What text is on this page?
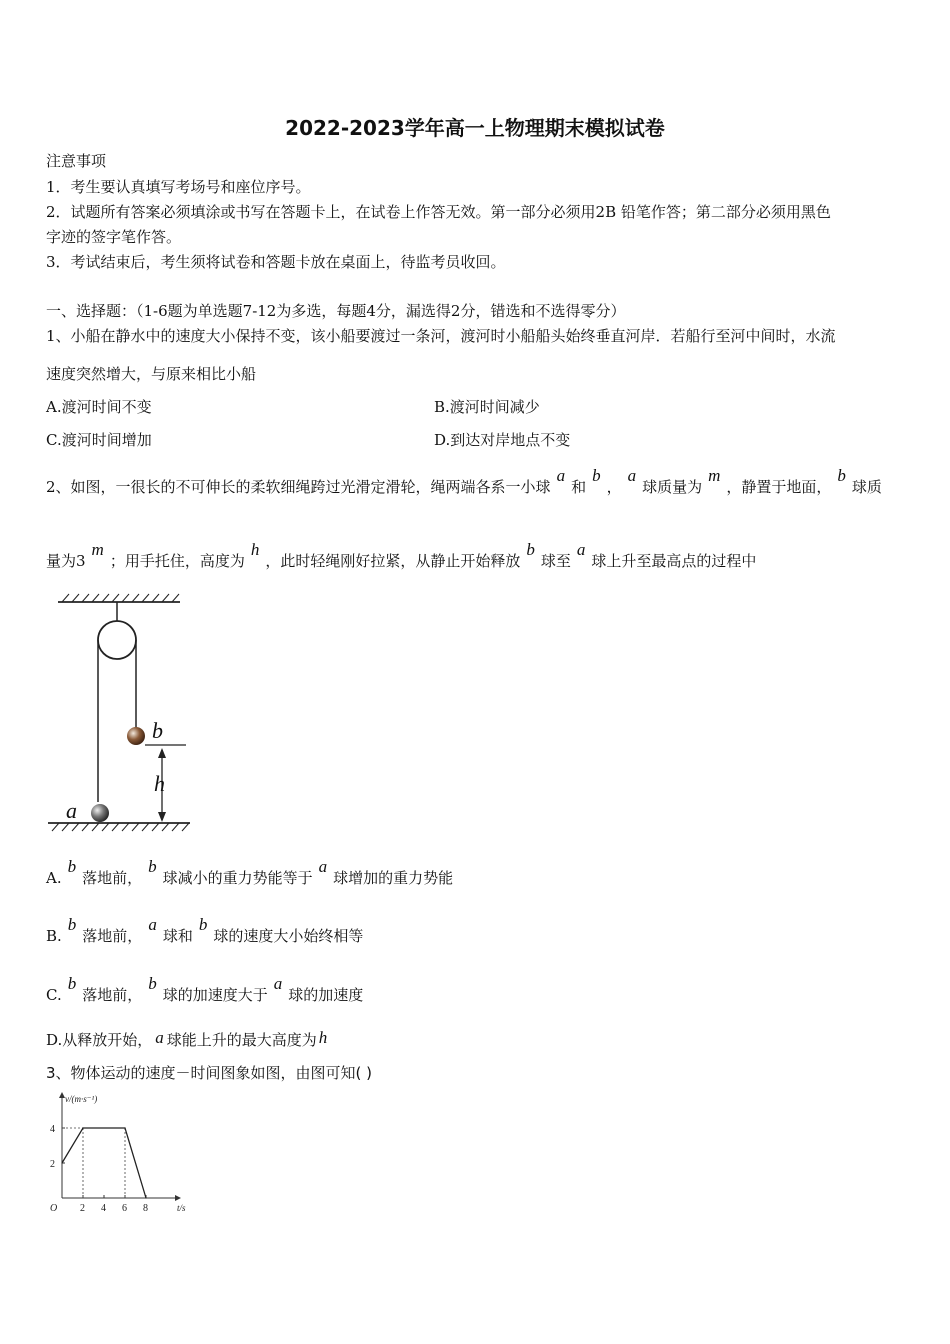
2022-2023学年高一上物理期末模拟试卷
注意事项
1．考生要认真填写考场号和座位序号。
2．试题所有答案必须填涂或书写在答题卡上，在试卷上作答无效。第一部分必须用2B 铅笔作答；第二部分必须用黑色
字迹的签字笔作答。
3．考试结束后，考生须将试卷和答题卡放在桌面上，待监考员收回。
一、选择题：（1-6题为单选题7-12为多选，每题4分，漏选得2分，错选和不选得零分）
1、小船在静水中的速度大小保持不变，该小船要渡过一条河，渡河时小船船头始终垂直河岸．若船行至河中间时，水流
速度突然增大，与原来相比小船
A.渡河时间不变	B.渡河时间减少
C.渡河时间增加	D.到达对岸地点不变
2、如图，一很长的不可伸长的柔软细绳跨过光滑定滑轮，绳两端各系一小球a和b，a球质量为m，静置于地面，b球质
量为3m；用手托住，高度为h，此时轻绳刚好拉紧，从静止开始释放b球至a球上升至最高点的过程中
b
h
a
A.b落地前，b球减小的重力势能等于a球增加的重力势能
B.b落地前，a球和b球的速度大小始终相等
C.b落地前，b球的加速度大于a球的加速度
D.从释放开始， a 球能上升的最大高度为 h
3、物体运动的速度－时间图象如图，由图可知( )
v/(m·s⁻¹)
t/s
O 2 4 6 8
2
4
